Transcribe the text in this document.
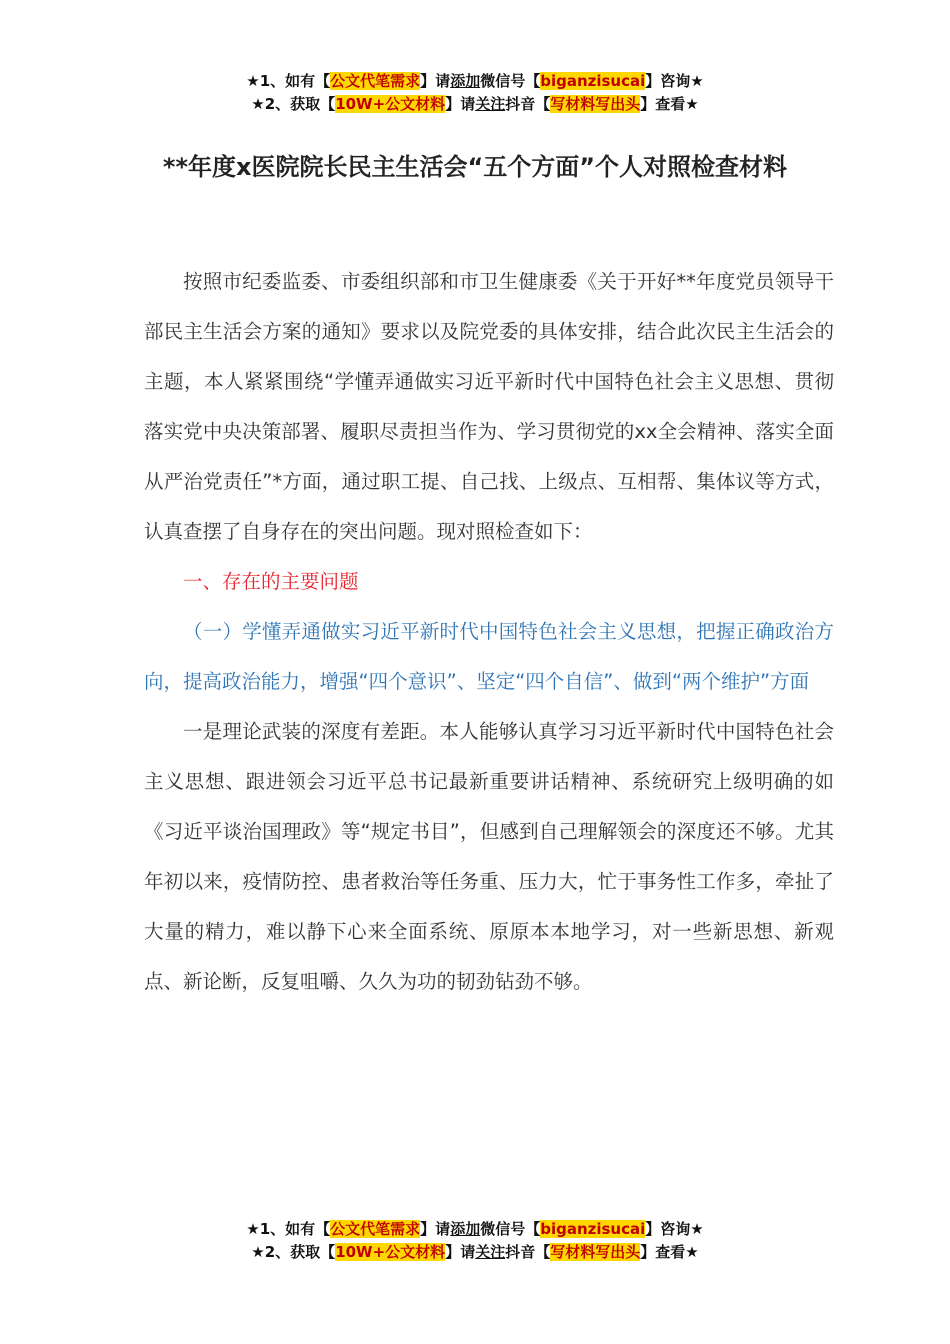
★1、如有【公文代笔需求】请添加微信号【biganzisucai】咨询★
★2、获取【10W+公文材料】请关注抖音【写材料写出头】查看★
**年度x医院院长民主生活会“五个方面”个人对照检查材料

按照市纪委监委、市委组织部和市卫生健康委《关于开好**年度党员领导干部民主生活会方案的通知》要求以及院党委的具体安排，结合此次民主生活会的主题，本人紧紧围绕“学懂弄通做实习近平新时代中国特色社会主义思想、贯彻落实党中央决策部署、履职尽责担当作为、学习贯彻党的xx全会精神、落实全面从严治党责任”*方面，通过职工提、自己找、上级点、互相帮、集体议等方式，认真查摆了自身存在的突出问题。现对照检查如下：

一、存在的主要问题

（一）学懂弄通做实习近平新时代中国特色社会主义思想，把握正确政治方向，提高政治能力，增强“四个意识”、坚定“四个自信”、做到“两个维护”方面

一是理论武装的深度有差距。本人能够认真学习习近平新时代中国特色社会主义思想、跟进领会习近平总书记最新重要讲话精神、系统研究上级明确的如《习近平谈治国理政》等“规定书目”，但感到自己理解领会的深度还不够。尤其年初以来，疫情防控、患者救治等任务重、压力大，忙于事务性工作多，牵扯了大量的精力，难以静下心来全面系统、原原本本地学习，对一些新思想、新观点、新论断，反复咀嚼、久久为功的韧劲钻劲不够。

★1、如有【公文代笔需求】请添加微信号【biganzisucai】咨询★
★2、获取【10W+公文材料】请关注抖音【写材料写出头】查看★
